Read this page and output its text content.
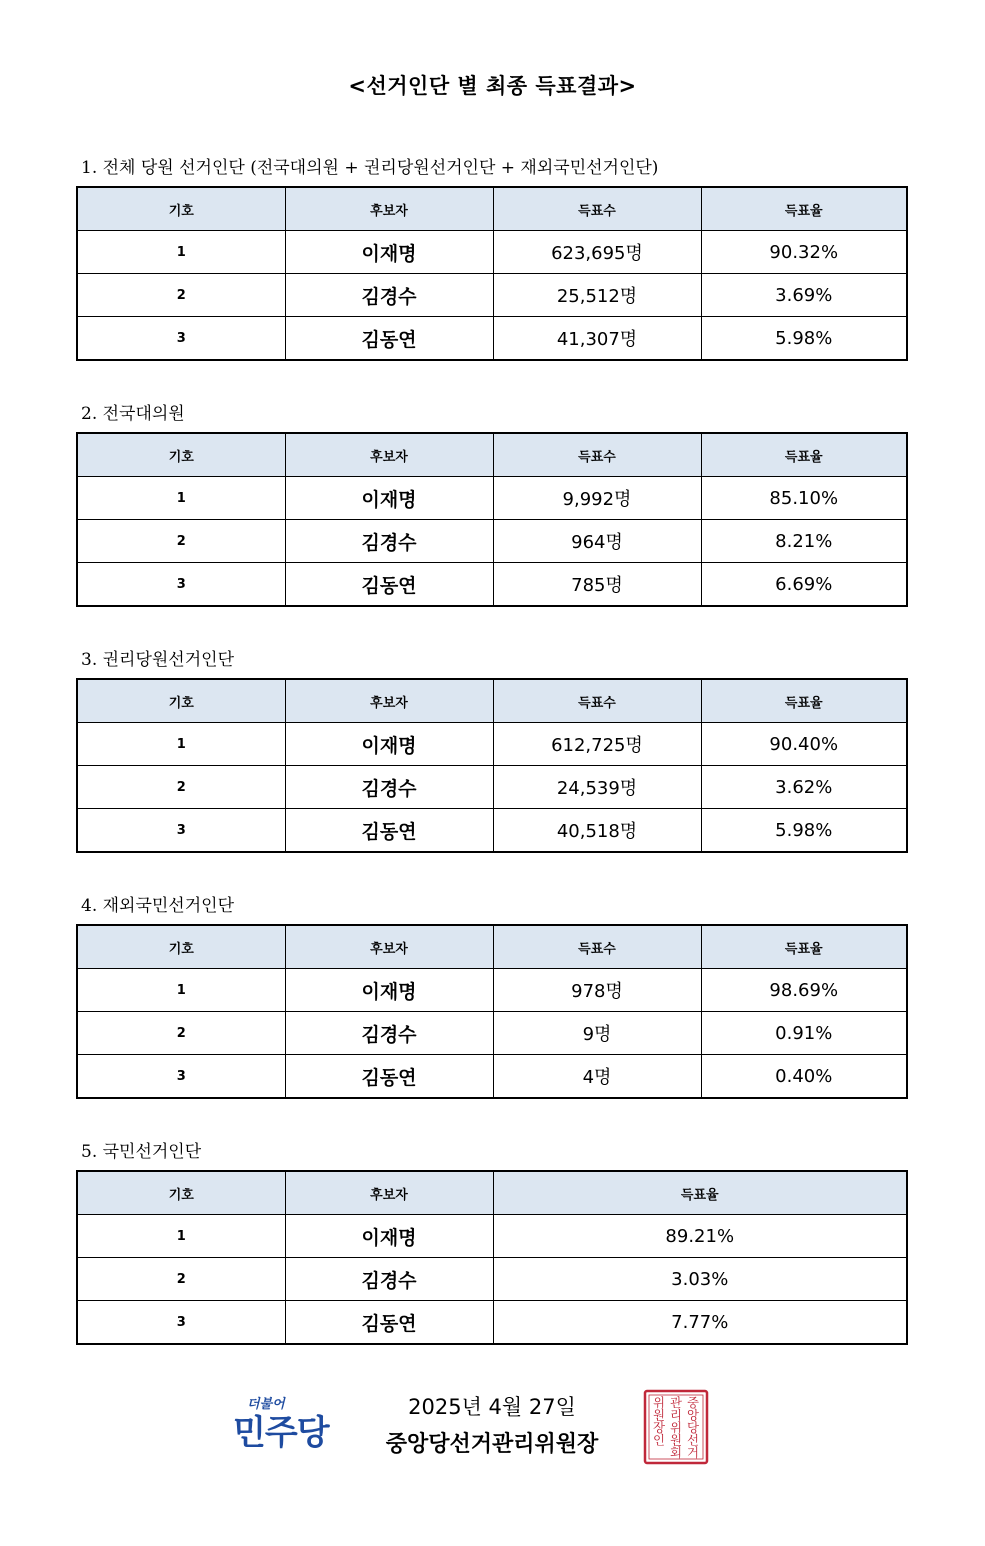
<선거인단 별 최종 득표결과>
1. 전체 당원 선거인단 (전국대의원 + 권리당원선거인단 + 재외국민선거인단)
기호	후보자	득표수	득표율
1	이재명	623,695명	90.32%
2	김경수	25,512명	3.69%
3	김동연	41,307명	5.98%
2. 전국대의원
기호	후보자	득표수	득표율
1	이재명	9,992명	85.10%
2	김경수	964명	8.21%
3	김동연	785명	6.69%
3. 권리당원선거인단
기호	후보자	득표수	득표율
1	이재명	612,725명	90.40%
2	김경수	24,539명	3.62%
3	김동연	40,518명	5.98%
4. 재외국민선거인단
기호	후보자	득표수	득표율
1	이재명	978명	98.69%
2	김경수	9명	0.91%
3	김동연	4명	0.40%
5. 국민선거인단
기호	후보자	득표율
1	이재명	89.21%
2	김경수	3.03%
3	김동연	7.77%
더불어
민주당
2025년 4월 27일
중앙당선거관리위원장
중
앙
당
선
거
관
리
위
원
회
위
원
장
인
